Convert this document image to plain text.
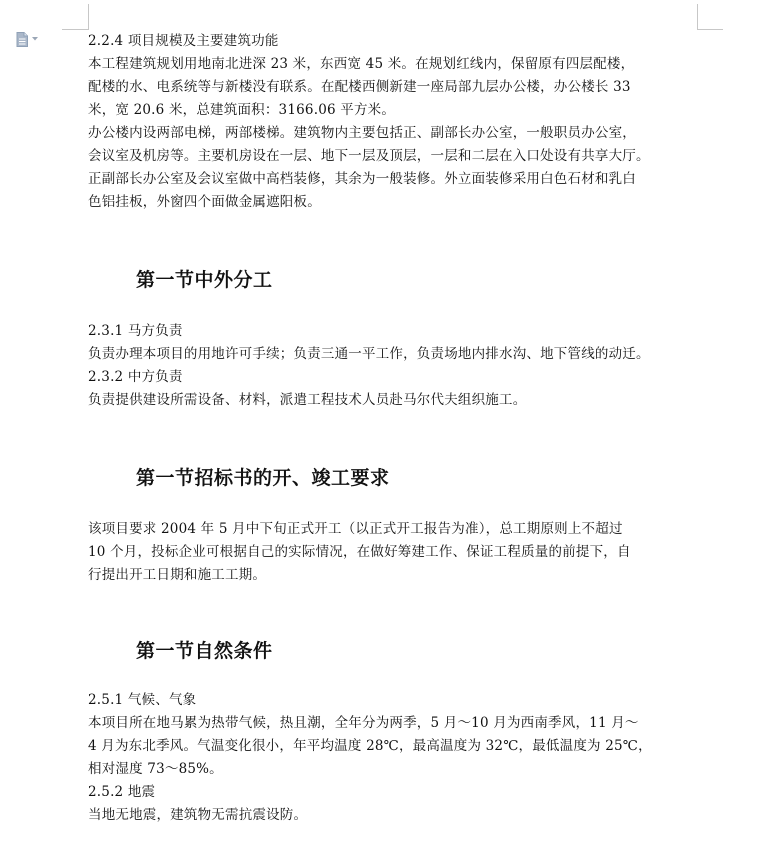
2.2.4 项目规模及主要建筑功能
本工程建筑规划用地南北进深 23 米，东西宽 45 米。在规划红线内，保留原有四层配楼，
配楼的水、电系统等与新楼没有联系。在配楼西侧新建一座局部九层办公楼，办公楼长 33
米，宽 20.6 米，总建筑面积：3166.06 平方米。
办公楼内设两部电梯，两部楼梯。建筑物内主要包括正、副部长办公室，一般职员办公室，
会议室及机房等。主要机房设在一层、地下一层及顶层，一层和二层在入口处设有共享大厅。
正副部长办公室及会议室做中高档装修，其余为一般装修。外立面装修采用白色石材和乳白
色铝挂板，外窗四个面做金属遮阳板。
第一节中外分工
2.3.1 马方负责
负责办理本项目的用地许可手续；负责三通一平工作，负责场地内排水沟、地下管线的动迁。
2.3.2 中方负责
负责提供建设所需设备、材料，派遣工程技术人员赴马尔代夫组织施工。
第一节招标书的开、竣工要求
该项目要求 2004 年 5 月中下旬正式开工（以正式开工报告为准），总工期原则上不超过
10 个月，投标企业可根据自己的实际情况，在做好筹建工作、保证工程质量的前提下，自
行提出开工日期和施工工期。
第一节自然条件
2.5.1 气候、气象
本项目所在地马累为热带气候，热且潮，全年分为两季，5 月～10 月为西南季风，11 月～
4 月为东北季风。气温变化很小，年平均温度 28℃，最高温度为 32℃，最低温度为 25℃，
相对湿度 73～85%。
2.5.2 地震
当地无地震，建筑物无需抗震设防。
